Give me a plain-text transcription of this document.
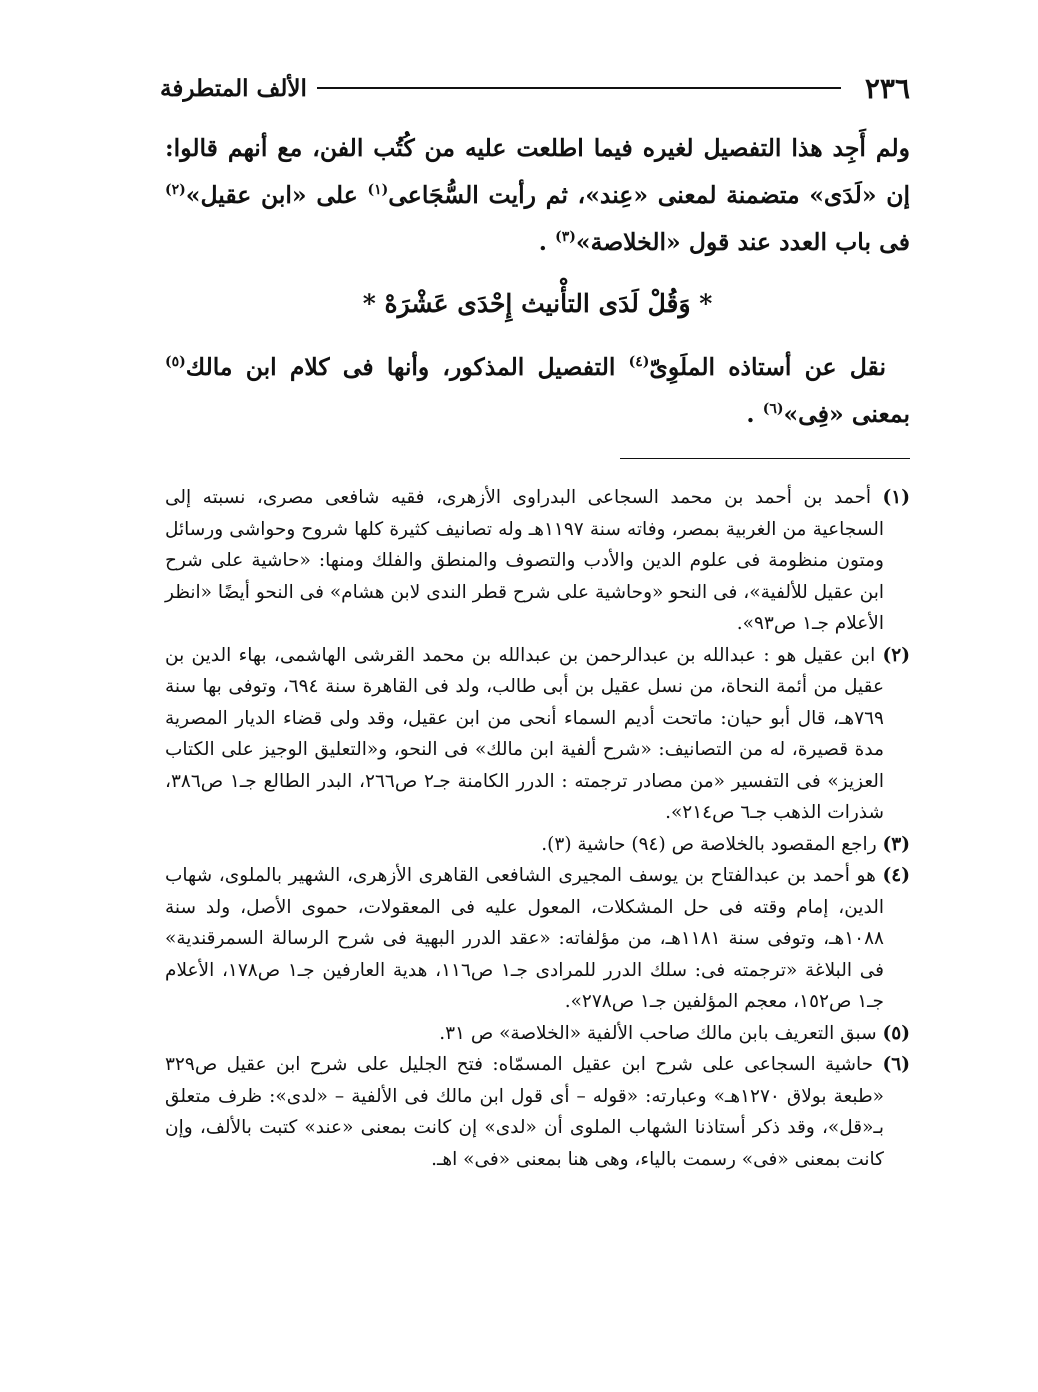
٢٣٦
الألف المتطرفة

ولم أَجِد هذا التفصيل لغيره فيما اطلعت عليه من كُتُب الفن، مع أنهم قالوا: إن «لَدَى» متضمنة لمعنى «عِند»، ثم رأيت السُّجَاعى$^{(١)}$ على «ابن عقيل»$^{(٢)}$ فى باب العدد عند قول «الخلاصة»$^{(٣)}$ .

* وَقُلْ لَدَى التأْنيث إِحْدَى عَشْرَهْ *

نقل عن أستاذه الملَوِىّ$^{(٤)}$ التفصيل المذكور، وأنها فى كلام ابن مالك$^{(٥)}$ بمعنى «فِى»$^{(٦)}$ .

(١) أحمد بن أحمد بن محمد السجاعى البدراوى الأزهرى، فقيه شافعى مصرى، نسبته إلى السجاعية من الغربية بمصر، وفاته سنة ١١٩٧هـ وله تصانيف كثيرة كلها شروح وحواشى ورسائل ومتون منظومة فى علوم الدين والأدب والتصوف والمنطق والفلك ومنها: «حاشية على شرح ابن عقيل للألفية»، فى النحو «وحاشية على شرح قطر الندى لابن هشام» فى النحو أيضًا «انظر الأعلام جـ١ ص٩٣».

(٢) ابن عقيل هو : عبدالله بن عبدالرحمن بن عبدالله بن محمد القرشى الهاشمى، بهاء الدين بن عقيل من أئمة النحاة، من نسل عقيل بن أبى طالب، ولد فى القاهرة سنة ٦٩٤، وتوفى بها سنة ٧٦٩هـ، قال أبو حيان: ماتحت أديم السماء أنحى من ابن عقيل، وقد ولى قضاء الديار المصرية مدة قصيرة، له من التصانيف: «شرح ألفية ابن مالك» فى النحو، و«التعليق الوجيز على الكتاب العزيز» فى التفسير «من مصادر ترجمته : الدرر الكامنة جـ٢ ص٢٦٦، البدر الطالع جـ١ ص٣٨٦، شذرات الذهب جـ٦ ص٢١٤».

(٣) راجع المقصود بالخلاصة ص (٩٤) حاشية (٣).

(٤) هو أحمد بن عبدالفتاح بن يوسف المجيرى الشافعى القاهرى الأزهرى، الشهير بالملوى، شهاب الدين، إمام وقته فى حل المشكلات، المعول عليه فى المعقولات، حموى الأصل، ولد سنة ١٠٨٨هـ، وتوفى سنة ١١٨١هـ، من مؤلفاته: «عقد الدرر البهية فى شرح الرسالة السمرقندية» فى البلاغة «ترجمته فى: سلك الدرر للمرادى جـ١ ص١١٦، هدية العارفين جـ١ ص١٧٨، الأعلام جـ١ ص١٥٢، معجم المؤلفين جـ١ ص٢٧٨».

(٥) سبق التعريف بابن مالك صاحب الألفية «الخلاصة» ص ٣١.

(٦) حاشية السجاعى على شرح ابن عقيل المسمّاه: فتح الجليل على شرح ابن عقيل ص٣٢٩ «طبعة بولاق ١٢٧٠هـ» وعبارته: «قوله – أى قول ابن مالك فى الألفية – «لدى»: ظرف متعلق بـ«قل»، وقد ذكر أستاذنا الشهاب الملوى أن «لدى» إن كانت بمعنى «عند» كتبت بالألف، وإن كانت بمعنى «فى» رسمت بالياء، وهى هنا بمعنى «فى» اهـ.
